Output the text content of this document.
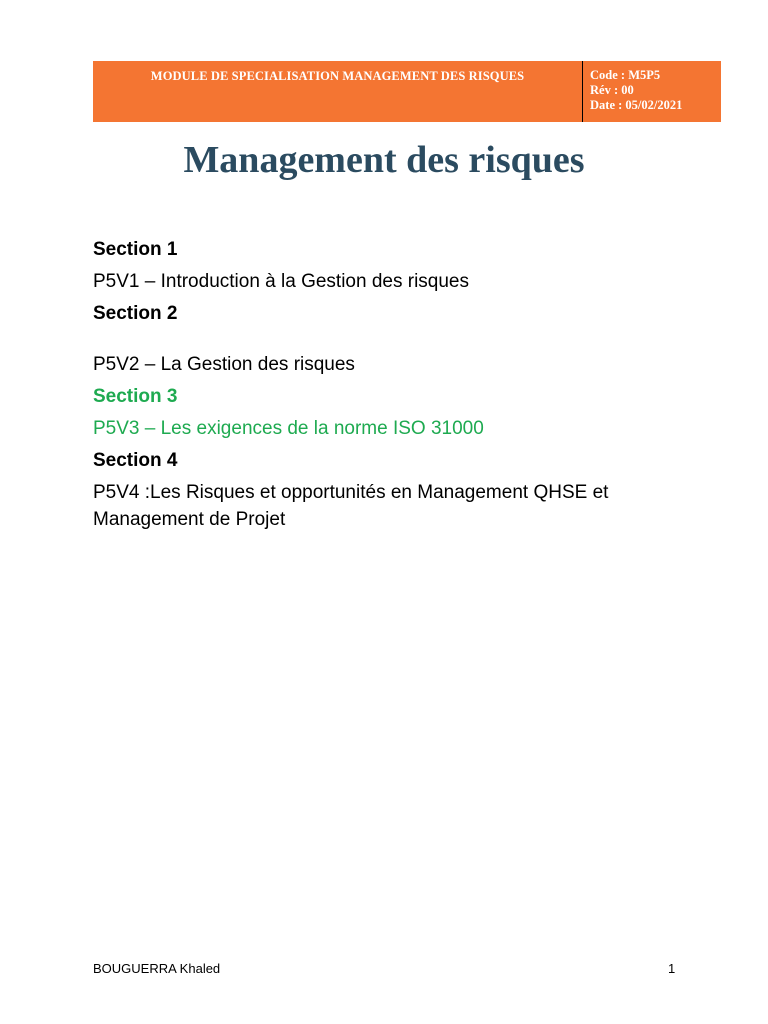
MODULE DE SPECIALISATION MANAGEMENT DES RISQUES	Code : M5P5
Rév : 00
Date : 05/02/2021
Management des risques

Section 1

P5V1 – Introduction à la Gestion des risques

Section 2

P5V2 – La Gestion des risques

Section 3

P5V3 – Les exigences de la norme ISO 31000

Section 4

P5V4 :Les Risques et opportunités en Management QHSE et Management de Projet

BOUGUERRA Khaled	1
